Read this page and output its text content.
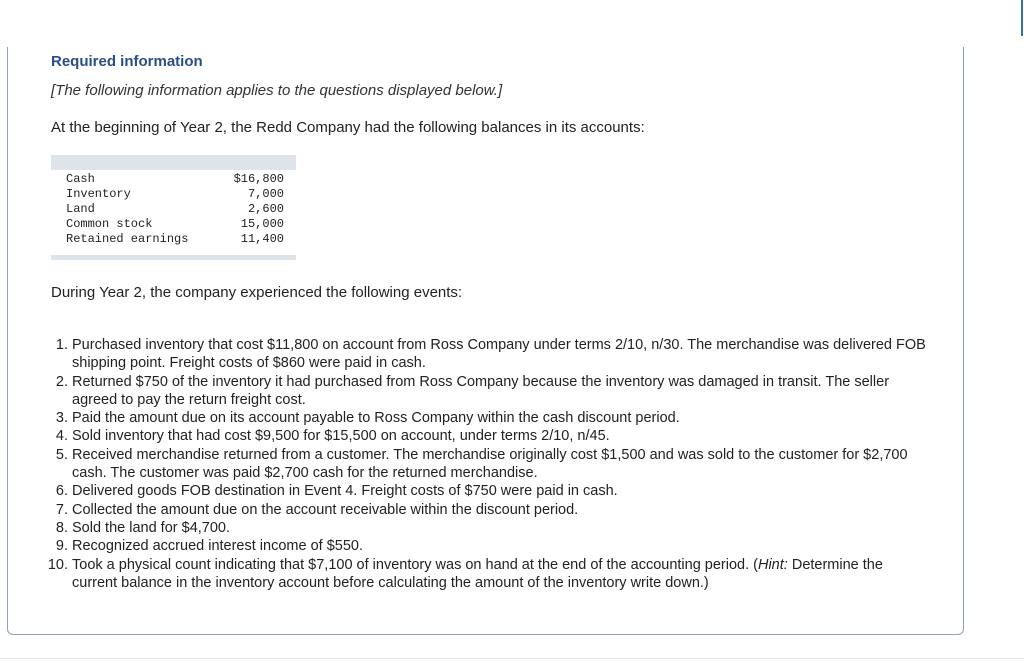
Required information
[The following information applies to the questions displayed below.]
At the beginning of Year 2, the Redd Company had the following balances in its accounts:
Cash	$16,800
Inventory	7,000
Land	2,600
Common stock	15,000
Retained earnings	11,400
During Year 2, the company experienced the following events:
1. Purchased inventory that cost $11,800 on account from Ross Company under terms 2/10, n/30. The merchandise was delivered FOB shipping point. Freight costs of $860 were paid in cash.
2. Returned $750 of the inventory it had purchased from Ross Company because the inventory was damaged in transit. The seller agreed to pay the return freight cost.
3. Paid the amount due on its account payable to Ross Company within the cash discount period.
4. Sold inventory that had cost $9,500 for $15,500 on account, under terms 2/10, n/45.
5. Received merchandise returned from a customer. The merchandise originally cost $1,500 and was sold to the customer for $2,700 cash. The customer was paid $2,700 cash for the returned merchandise.
6. Delivered goods FOB destination in Event 4. Freight costs of $750 were paid in cash.
7. Collected the amount due on the account receivable within the discount period.
8. Sold the land for $4,700.
9. Recognized accrued interest income of $550.
10. Took a physical count indicating that $7,100 of inventory was on hand at the end of the accounting period. (Hint: Determine the current balance in the inventory account before calculating the amount of the inventory write down.)
